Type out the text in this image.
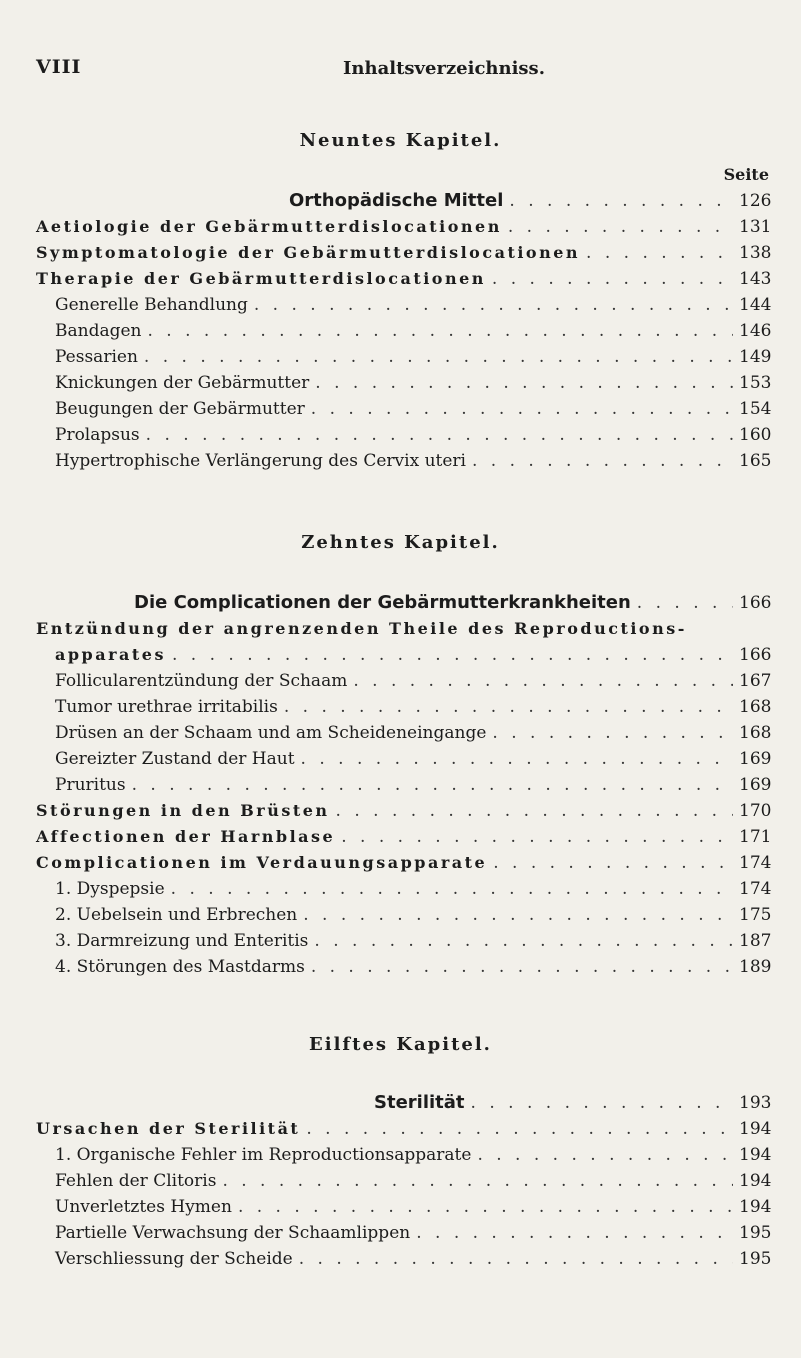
VIII	Inhaltsverzeichniss.
Neuntes Kapitel.
Seite
Orthopädische Mittel . . .	126
Aetiologie der Gebärmutterdislocationen . . .	131
Symptomatologie der Gebärmutterdislocationen . . .	138
Therapie der Gebärmutterdislocationen . . .	143
Generelle Behandlung . . .	144
Bandagen . . .	146
Pessarien . . .	149
Knickungen der Gebärmutter . . .	153
Beugungen der Gebärmutter . . .	154
Prolapsus . . .	160
Hypertrophische Verlängerung des Cervix uteri . . .	165
Zehntes Kapitel.
Die Complicationen der Gebärmutterkrankheiten . . .	166
Entzündung der angrenzenden Theile des Reproductions-
apparates . . .	166
Follicularentzündung der Schaam . . .	167
Tumor urethrae irritabilis . . .	168
Drüsen an der Schaam und am Scheideneingange . . .	168
Gereizter Zustand der Haut . . .	169
Pruritus . . .	169
Störungen in den Brüsten . . .	170
Affectionen der Harnblase . . .	171
Complicationen im Verdauungsapparate . . .	174
1. Dyspepsie . . .	174
2. Uebelsein und Erbrechen . . .	175
3. Darmreizung und Enteritis . . .	187
4. Störungen des Mastdarms . . .	189
Eilftes Kapitel.
Sterilität . . .	193
Ursachen der Sterilität . . .	194
1. Organische Fehler im Reproductionsapparate . . .	194
Fehlen der Clitoris . . .	194
Unverletztes Hymen . . .	194
Partielle Verwachsung der Schaamlippen . . .	195
Verschliessung der Scheide . . .	195
